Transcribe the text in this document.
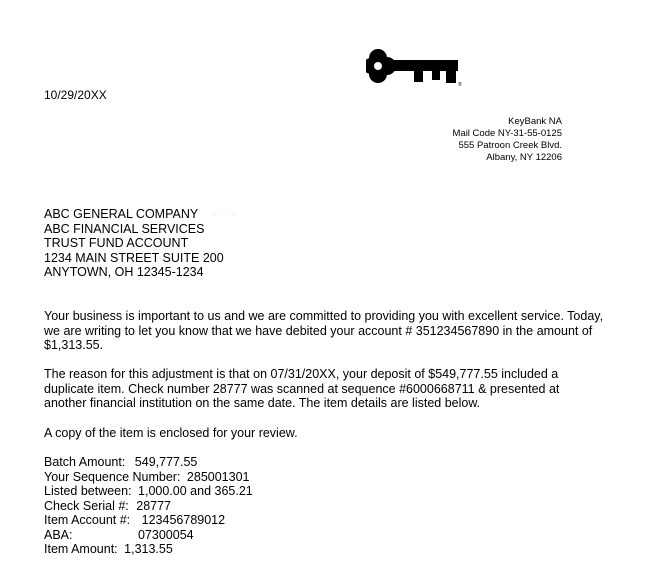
®
10/29/20XX
KeyBank NA
Mail Code NY-31-55-0125
555 Patroon Creek Blvd.
Albany, NY 12206
ABC GENERAL COMPANY
ABC FINANCIAL SERVICES
TRUST FUND ACCOUNT
1234 MAIN STREET SUITE 200
ANYTOWN, OH 12345-1234
· · ·
Your business is important to us and we are committed to providing you with excellent service. Today, we are writing to let you know that we have debited your account # 351234567890 in the amount of $1,313.55.
The reason for this adjustment is that on 07/31/20XX, your deposit of $549,777.55 included a duplicate item. Check number 28777 was scanned at sequence #6000668711 & presented at another financial institution on the same date. The item details are listed below.
A copy of the item is enclosed for your review.
Batch Amount: 549,777.55
Your Sequence Number: 285001301
Listed between: 1,000.00 and 365.21
Check Serial #: 28777
Item Account #: 123456789012
ABA:	07300054
Item Amount: 1,313.55
